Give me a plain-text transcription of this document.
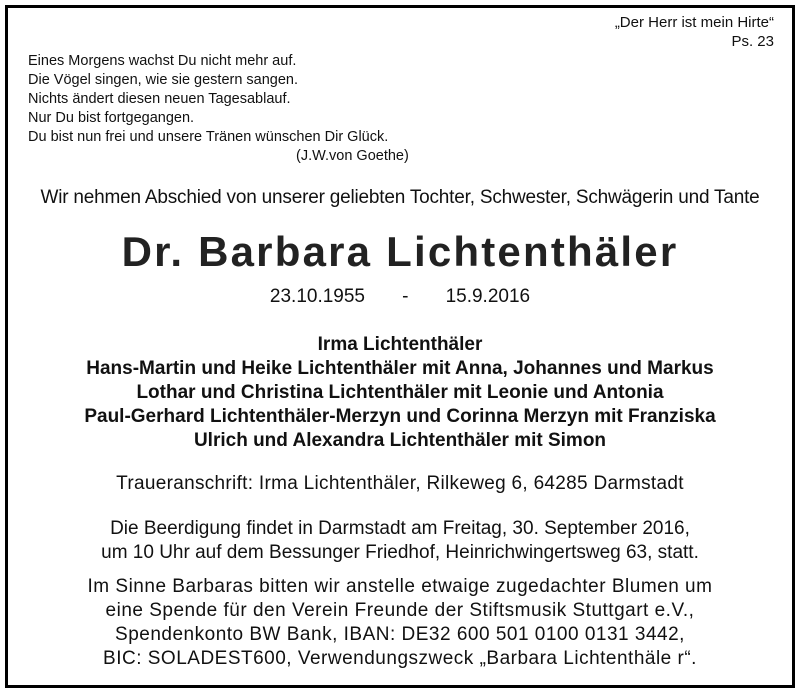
„Der Herr ist mein Hirte“
Ps. 23
Eines Morgens wachst Du nicht mehr auf.
Die Vögel singen, wie sie gestern sangen.
Nichts ändert diesen neuen Tagesablauf.
Nur Du bist fortgegangen.
Du bist nun frei und unsere Tränen wünschen Dir Glück.
(J.W.von Goethe)
Wir nehmen Abschied von unserer geliebten Tochter, Schwester, Schwägerin und Tante
Dr. Barbara Lichtenthäler
23.10.1955 - 15.9.2016
Irma Lichtenthäler
Hans-Martin und Heike Lichtenthäler mit Anna, Johannes und Markus
Lothar und Christina Lichtenthäler mit Leonie und Antonia
Paul-Gerhard Lichtenthäler-Merzyn und Corinna Merzyn mit Franziska
Ulrich und Alexandra Lichtenthäler mit Simon
Traueranschrift: Irma Lichtenthäler, Rilkeweg 6, 64285 Darmstadt
Die Beerdigung findet in Darmstadt am Freitag, 30. September 2016,
um 10 Uhr auf dem Bessunger Friedhof, Heinrichwingertsweg 63, statt.
Im Sinne Barbaras bitten wir anstelle etwaige zugedachter Blumen um
eine Spende für den Verein Freunde der Stiftsmusik Stuttgart e.V.,
Spendenkonto BW Bank, IBAN: DE32 600 501 0100 0131 3442,
BIC: SOLADEST600, Verwendungszweck „Barbara Lichtenthäle r“.
